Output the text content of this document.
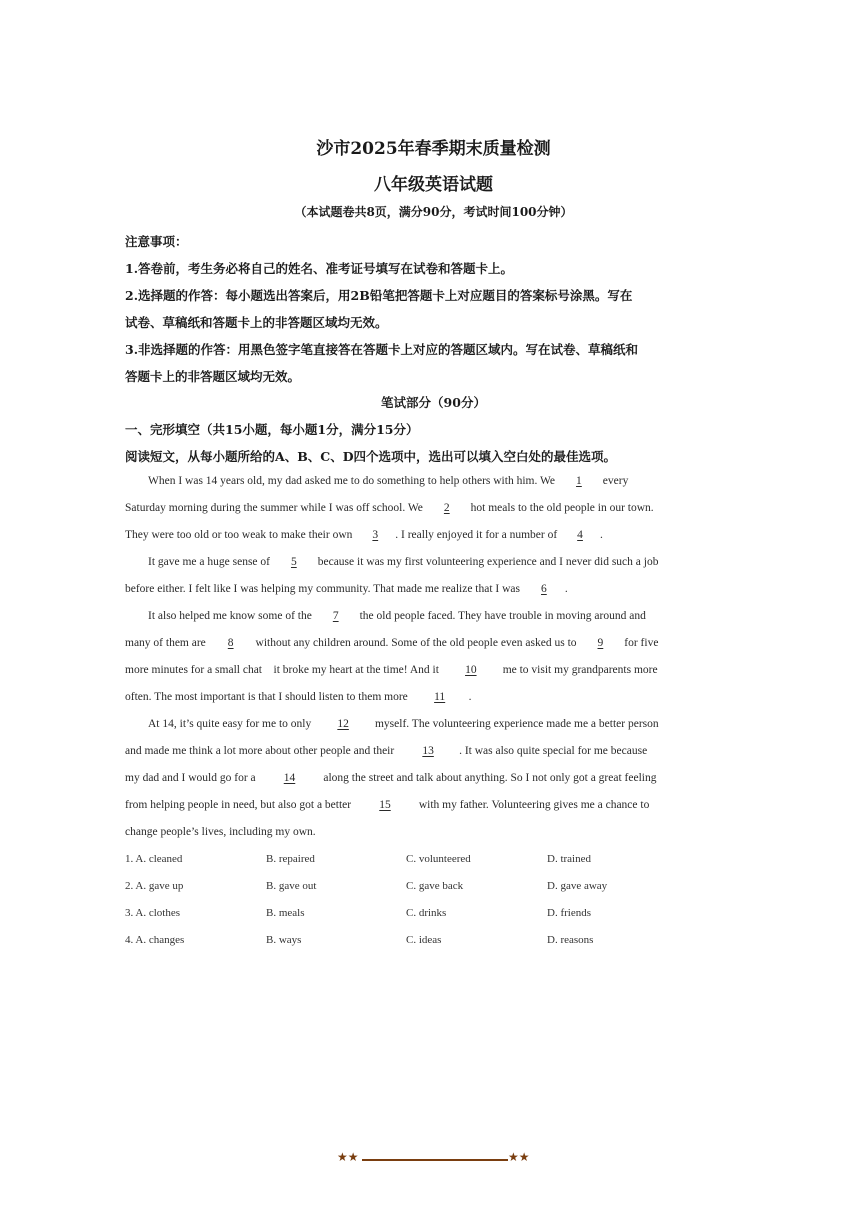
沙市2025年春季期末质量检测
八年级英语试题
（本试题卷共8页，满分90分，考试时间100分钟）
注意事项：
1.答卷前，考生务必将自己的姓名、准考证号填写在试卷和答题卡上。
2.选择题的作答：每小题选出答案后，用2B铅笔把答题卡上对应题目的答案标号涂黑。写在
试卷、草稿纸和答题卡上的非答题区域均无效。
3.非选择题的作答：用黑色签字笔直接答在答题卡上对应的答题区域内。写在试卷、草稿纸和
答题卡上的非答题区域均无效。
笔试部分（90分）
一、完形填空（共15小题，每小题1分，满分15分）
阅读短文，从每小题所给的A、B、C、D四个选项中，选出可以填入空白处的最佳选项。
When I was 14 years old, my dad asked me to do something to help others with him. We 1 every
Saturday morning during the summer while I was off school. We 2 hot meals to the old people in our town.
They were too old or too weak to make their own 3 . I really enjoyed it for a number of 4 .
It gave me a huge sense of 5 because it was my first volunteering experience and I never did such a job
before either. I felt like I was helping my community. That made me realize that I was 6 .
It also helped me know some of the 7 the old people faced. They have trouble in moving around and
many of them are 8 without any children around. Some of the old people even asked us to 9 for five
more minutes for a small chat    it broke my heart at the time! And it 10 me to visit my grandparents more
often. The most important is that I should listen to them more 11 .
At 14, it’s quite easy for me to only 12 myself. The volunteering experience made me a better person
and made me think a lot more about other people and their 13 . It was also quite special for me because
my dad and I would go for a 14 along the street and talk about anything. So I not only got a great feeling
from helping people in need, but also got a better 15 with my father. Volunteering gives me a chance to
change people’s lives, including my own.
1. A. cleaned	B. repaired	C. volunteered	D. trained
2. A. gave up	B. gave out	C. gave back	D. gave away
3. A. clothes	B. meals	C. drinks	D. friends
4. A. changes	B. ways	C. ideas	D. reasons
★★	★★
